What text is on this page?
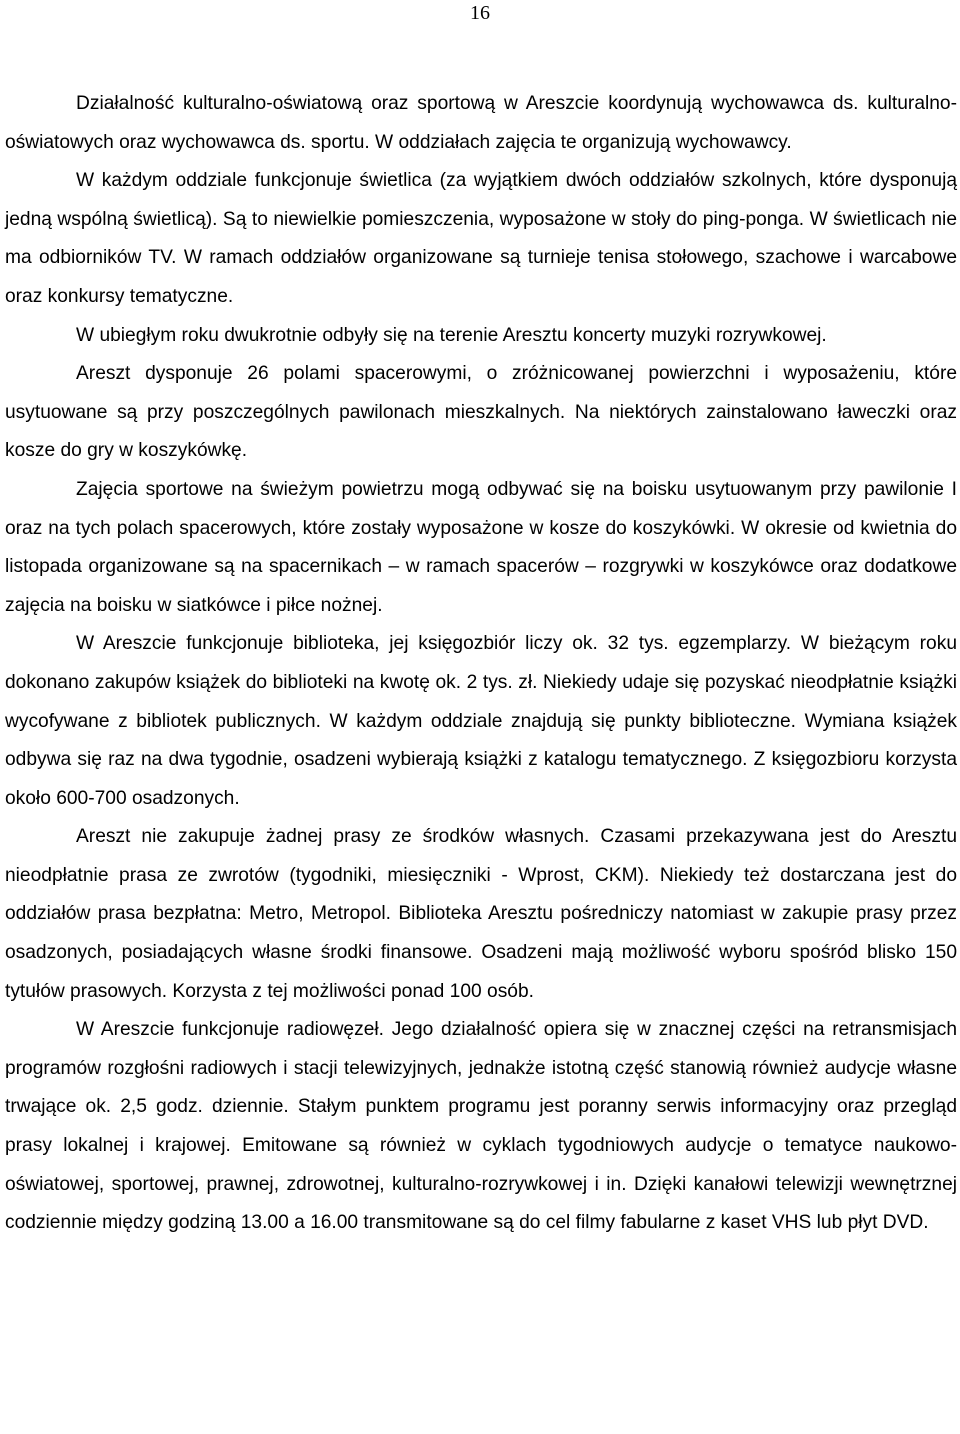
16

Działalność kulturalno-oświatową oraz sportową w Areszcie koordynują wychowawca ds. kulturalno-oświatowych oraz wychowawca ds. sportu. W oddziałach zajęcia te organizują wychowawcy.

W każdym oddziale funkcjonuje świetlica (za wyjątkiem dwóch oddziałów szkolnych, które dysponują jedną wspólną świetlicą). Są to niewielkie pomieszczenia, wyposażone w stoły do ping-ponga. W świetlicach nie ma odbiorników TV. W ramach oddziałów organizowane są turnieje tenisa stołowego, szachowe i warcabowe oraz konkursy tematyczne.

W ubiegłym roku dwukrotnie odbyły się na terenie Aresztu koncerty muzyki rozrywkowej.

Areszt dysponuje 26 polami spacerowymi, o zróżnicowanej powierzchni i wyposażeniu, które usytuowane są przy poszczególnych pawilonach mieszkalnych. Na niektórych zainstalowano ławeczki oraz kosze do gry w koszykówkę.

Zajęcia sportowe na świeżym powietrzu mogą odbywać się na boisku usytuowanym przy pawilonie I oraz na tych polach spacerowych, które zostały wyposażone w kosze do koszykówki. W okresie od kwietnia do listopada organizowane są na spacernikach – w ramach spacerów – rozgrywki w koszykówce oraz dodatkowe zajęcia na boisku w siatkówce i piłce nożnej.

W Areszcie funkcjonuje biblioteka, jej księgozbiór liczy ok. 32 tys. egzemplarzy. W bieżącym roku dokonano zakupów książek do biblioteki na kwotę ok. 2 tys. zł. Niekiedy udaje się pozyskać nieodpłatnie książki wycofywane z bibliotek publicznych. W każdym oddziale znajdują się punkty biblioteczne. Wymiana książek odbywa się raz na dwa tygodnie, osadzeni wybierają książki z katalogu tematycznego. Z księgozbioru korzysta około 600-700 osadzonych.

Areszt nie zakupuje żadnej prasy ze środków własnych. Czasami przekazywana jest do Aresztu nieodpłatnie prasa ze zwrotów (tygodniki, miesięczniki - Wprost, CKM). Niekiedy też dostarczana jest do oddziałów prasa bezpłatna: Metro, Metropol. Biblioteka Aresztu pośredniczy natomiast w zakupie prasy przez osadzonych, posiadających własne środki finansowe. Osadzeni mają możliwość wyboru spośród blisko 150 tytułów prasowych. Korzysta z tej możliwości ponad 100 osób.

W Areszcie funkcjonuje radiowęzeł. Jego działalność opiera się w znacznej części na retransmisjach programów rozgłośni radiowych i stacji telewizyjnych, jednakże istotną część stanowią również audycje własne trwające ok. 2,5 godz. dziennie. Stałym punktem programu jest poranny serwis informacyjny oraz przegląd prasy lokalnej i krajowej. Emitowane są również w cyklach tygodniowych audycje o tematyce naukowo-oświatowej, sportowej, prawnej, zdrowotnej, kulturalno-rozrywkowej i in. Dzięki kanałowi telewizji wewnętrznej codziennie między godziną 13.00 a 16.00 transmitowane są do cel filmy fabularne z kaset VHS lub płyt DVD.
